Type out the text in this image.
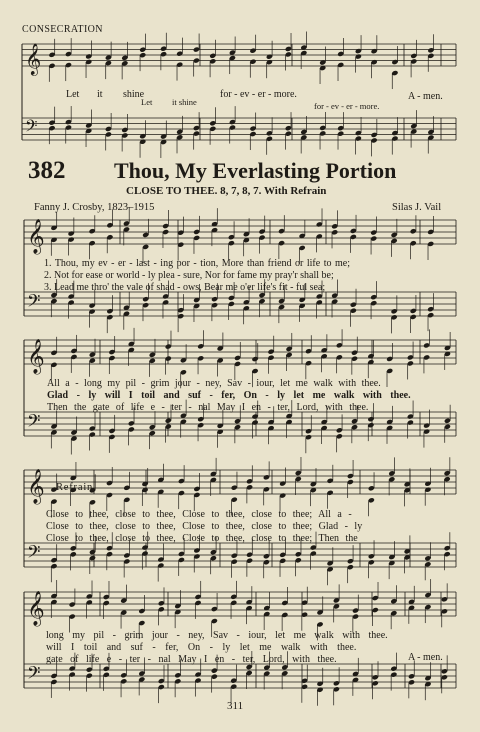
𝄞
𝄢
𝄞
𝄢
𝄞
𝄢
𝄞
𝄢
𝄞
𝄢
CONSECRATION
Let it shine	for - ev - er - more.	A - men.
Let it shine	for - ev - er - more.
382 Thou, My Everlasting Portion
CLOSE TO THEE. 8, 7, 8, 7. With Refrain
Fanny J. Crosby, 1823–1915	Silas J. Vail
1. Thou, my ev - er - last - ing por - tion, More than friend or life to me;
2. Not for ease or world - ly plea - sure, Nor for fame my pray'r shall be;
3. Lead me thro' the vale of shad - ows, Bear me o'er life's fit - ful sea;
All a - long my pil - grim jour - ney, Sav - iour, let me walk with thee.
Glad - ly will I toil and suf - fer, On - ly let me walk with thee.
Then the gate of life e - ter - nal May I en - ter, Lord, with thee.
Refrain
Close to thee, close to thee, Close to thee, close to thee; All a -
Close to thee, close to thee, Close to thee, close to thee; Glad - ly
Close to thee, close to thee, Close to thee, close to thee; Then the
long my pil - grim jour - ney, Sav - iour, let me walk with thee.
will I toil and suf - fer, On - ly let me walk with thee.
gate of life e - ter - nal May I en - ter, Lord, with thee.	A - men.
311
